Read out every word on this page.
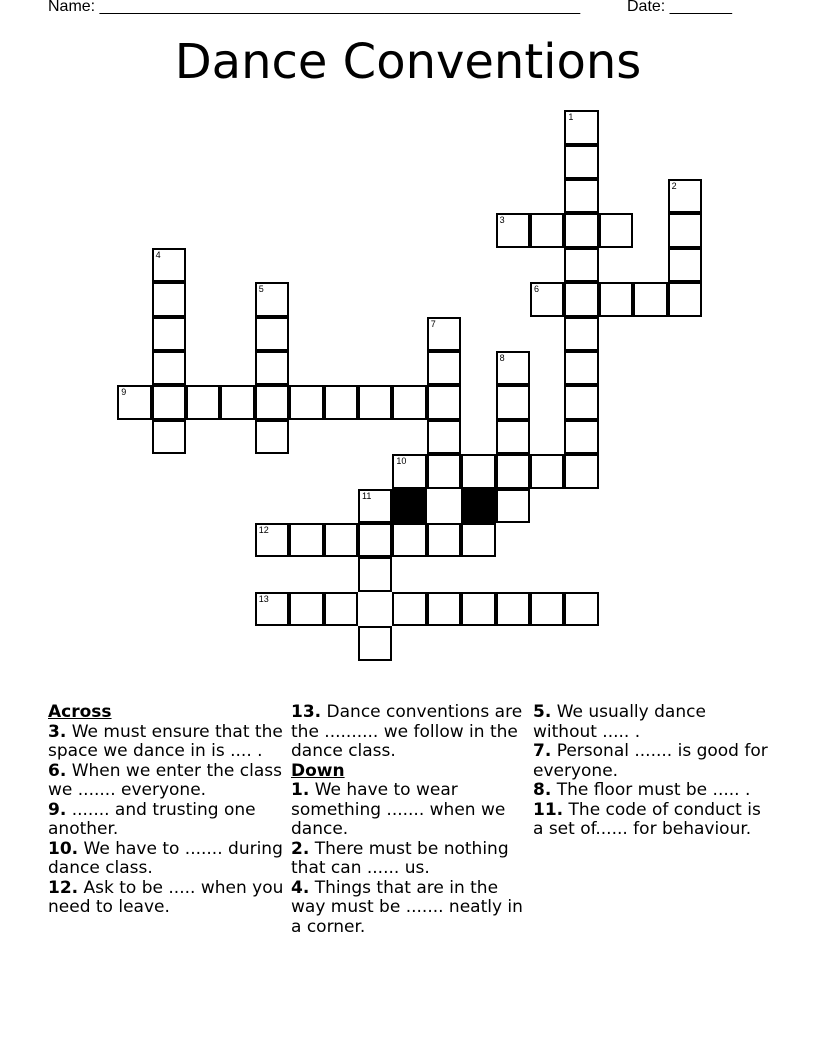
Name: ______________________________________________________	Date: _______
Dance Conventions
1
2
3
4
5	6
7
8
9
10
11
12
13
Across
3. We must ensure that the space we dance in is .... .
6. When we enter the class we ....... everyone.
9. ....... and trusting one another.
10. We have to ....... during dance class.
12. Ask to be ..... when you need to leave.
13. Dance conventions are the .......... we follow in the dance class.
Down
1. We have to wear something ....... when we dance.
2. There must be nothing that can ...... us.
4. Things that are in the way must be ....... neatly in a corner.
5. We usually dance without ..... .
7. Personal ....... is good for everyone.
8. The floor must be ..... .
11. The code of conduct is a set of...... for behaviour.
